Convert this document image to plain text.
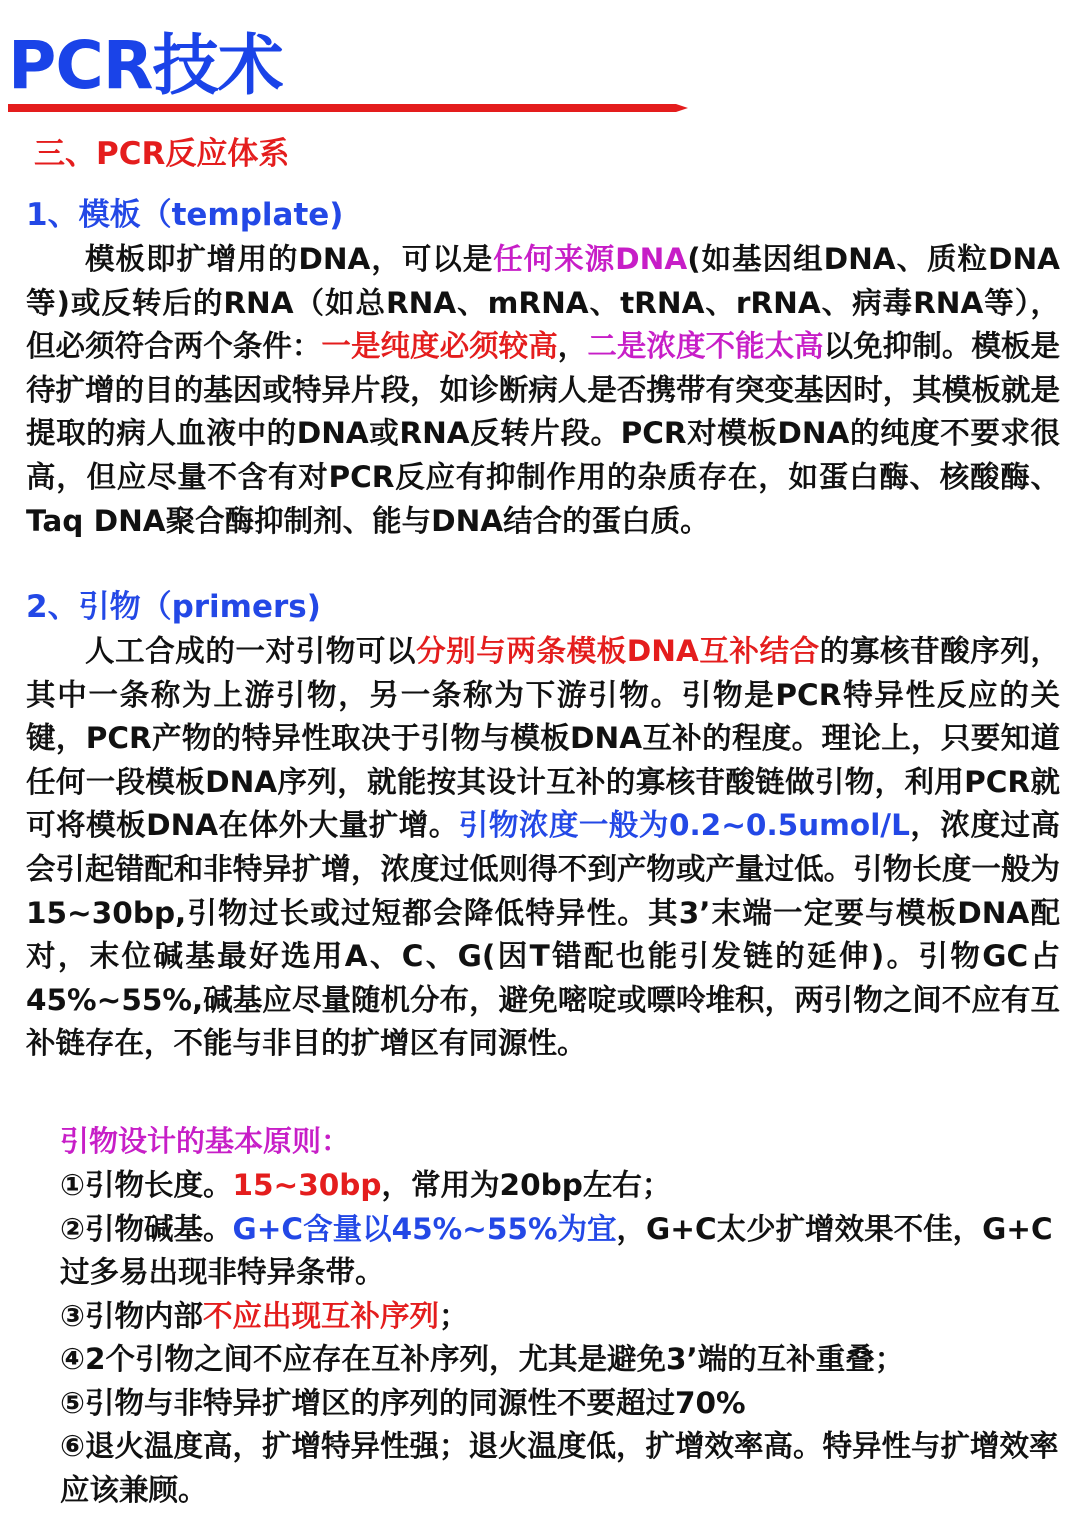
PCR技术
三、PCR反应体系
1、模板（template)

模板即扩增用的DNA，可以是任何来源DNA(如基因组DNA、质粒DNA等)或反转后的RNA（如总RNA、mRNA、tRNA、rRNA、病毒RNA等），但必须符合两个条件：一是纯度必须较高，二是浓度不能太高以免抑制。模板是待扩增的目的基因或特异片段，如诊断病人是否携带有突变基因时，其模板就是提取的病人血液中的DNA或RNA反转片段。PCR对模板DNA的纯度不要求很高，但应尽量不含有对PCR反应有抑制作用的杂质存在，如蛋白酶、核酸酶、Taq DNA聚合酶抑制剂、能与DNA结合的蛋白质。

2、引物（primers)

人工合成的一对引物可以分别与两条模板DNA互补结合的寡核苷酸序列，其中一条称为上游引物，另一条称为下游引物。引物是PCR特异性反应的关键，PCR产物的特异性取决于引物与模板DNA互补的程度。理论上，只要知道任何一段模板DNA序列，就能按其设计互补的寡核苷酸链做引物，利用PCR就可将模板DNA在体外大量扩增。引物浓度一般为0.2~0.5umol/L，浓度过高会引起错配和非特异扩增，浓度过低则得不到产物或产量过低。引物长度一般为15~30bp,引物过长或过短都会降低特异性。其3’末端一定要与模板DNA配对，末位碱基最好选用A、C、G(因T错配也能引发链的延伸)。引物GC占45%~55%,碱基应尽量随机分布，避免嘧啶或嘌呤堆积，两引物之间不应有互补链存在，不能与非目的扩增区有同源性。

引物设计的基本原则：
①引物长度。15~30bp，常用为20bp左右；
②引物碱基。G+C含量以45%~55%为宜，G+C太少扩增效果不佳，G+C过多易出现非特异条带。
③引物内部不应出现互补序列；
④2个引物之间不应存在互补序列，尤其是避免3’端的互补重叠；
⑤引物与非特异扩增区的序列的同源性不要超过70%
⑥退火温度高，扩增特异性强；退火温度低，扩增效率高。特异性与扩增效率应该兼顾。
